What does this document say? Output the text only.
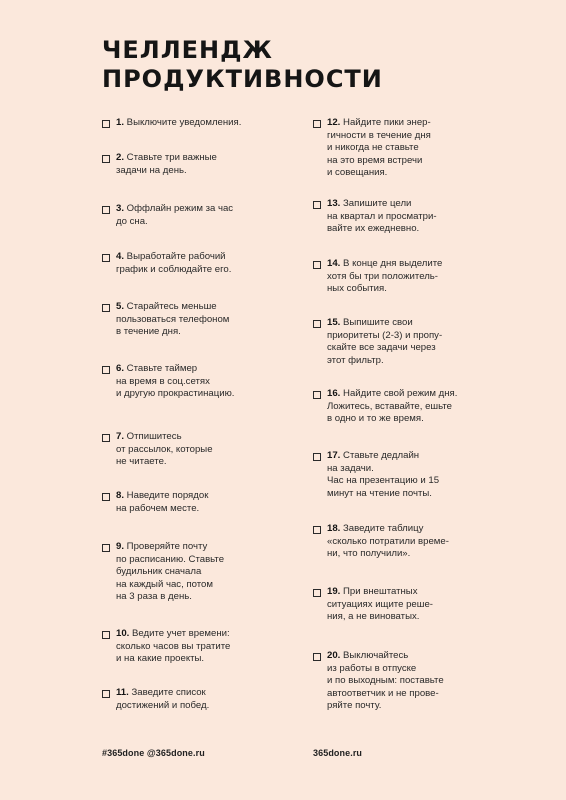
ЧЕЛЛЕНДЖ
ПРОДУКТИВНОСТИ
1. Выключите уведомления.
2. Ставьте три важные
задачи на день.
3. Оффлайн режим за час
до сна.
4. Выработайте рабочий
график и соблюдайте его.
5. Старайтесь меньше
пользоваться телефоном
в течение дня.
6. Ставьте таймер
на время в соц.сетях
и другую прокрастинацию.
7. Отпишитесь
от рассылок, которые
не читаете.
8. Наведите порядок
на рабочем месте.
9. Проверяйте почту
по расписанию. Ставьте
будильник сначала
на каждый час, потом
на 3 раза в день.
10. Ведите учет времени:
сколько часов вы тратите
и на какие проекты.
11. Заведите список
достижений и побед.
12. Найдите пики энер-
гичности в течение дня
и никогда не ставьте
на это время встречи
и совещания.
13. Запишите цели
на квартал и просматри-
вайте их ежедневно.
14. В конце дня выделите
хотя бы три положитель-
ных события.
15. Выпишите свои
приоритеты (2-3) и пропу-
скайте все задачи через
этот фильтр.
16. Найдите свой режим дня.
Ложитесь, вставайте, ешьте
в одно и то же время.
17. Ставьте дедлайн
на задачи.
Час на презентацию и 15
минут на чтение почты.
18. Заведите таблицу
«сколько потратили време-
ни, что получили».
19. При внештатных
ситуациях ищите реше-
ния, а не виноватых.
20. Выключайтесь
из работы в отпуске
и по выходным: поставьте
автоответчик и не прове-
ряйте почту.
#365done @365done.ru	365done.ru
